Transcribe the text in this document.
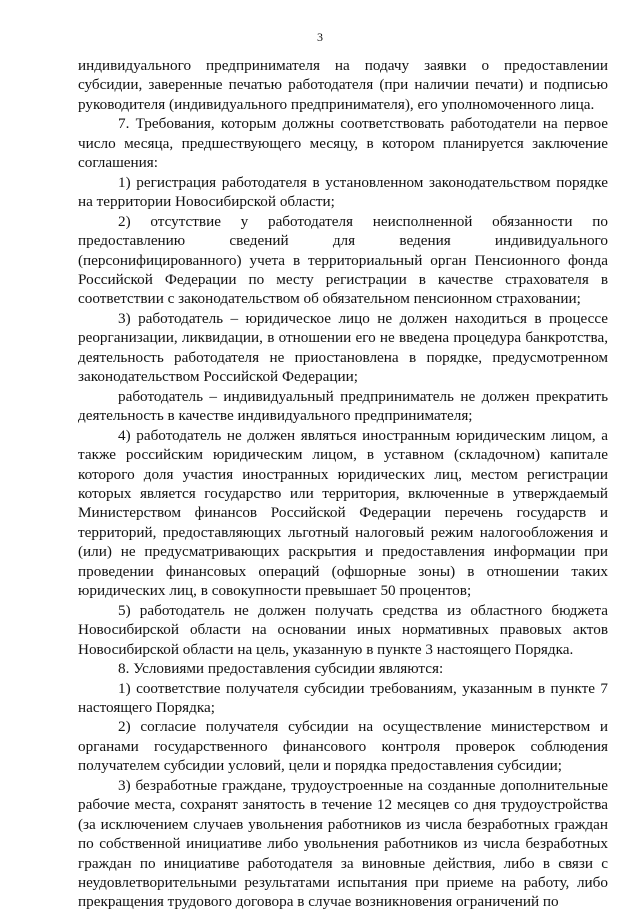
3

индивидуального предпринимателя на подачу заявки о предоставлении субсидии, заверенные печатью работодателя (при наличии печати) и подписью руководителя (индивидуального предпринимателя), его уполномоченного лица.

7. Требования, которым должны соответствовать работодатели на первое число месяца, предшествующего месяцу, в котором планируется заключение соглашения:

1) регистрация работодателя в установленном законодательством порядке на территории Новосибирской области;

2) отсутствие у работодателя неисполненной обязанности по предоставлению сведений для ведения индивидуального (персонифицированного) учета в территориальный орган Пенсионного фонда Российской Федерации по месту регистрации в качестве страхователя в соответствии с законодательством об обязательном пенсионном страховании;

3) работодатель – юридическое лицо не должен находиться в процессе реорганизации, ликвидации, в отношении его не введена процедура банкротства, деятельность работодателя не приостановлена в порядке, предусмотренном законодательством Российской Федерации;

работодатель – индивидуальный предприниматель не должен прекратить деятельность в качестве индивидуального предпринимателя;

4) работодатель не должен являться иностранным юридическим лицом, а также российским юридическим лицом, в уставном (складочном) капитале которого доля участия иностранных юридических лиц, местом регистрации которых является государство или территория, включенные в утверждаемый Министерством финансов Российской Федерации перечень государств и территорий, предоставляющих льготный налоговый режим налогообложения и (или) не предусматривающих раскрытия и предоставления информации при проведении финансовых операций (офшорные зоны) в отношении таких юридических лиц, в совокупности превышает 50 процентов;

5) работодатель не должен получать средства из областного бюджета Новосибирской области на основании иных нормативных правовых актов Новосибирской области на цель, указанную в пункте 3 настоящего Порядка.

8. Условиями предоставления субсидии являются:

1) соответствие получателя субсидии требованиям, указанным в пункте 7 настоящего Порядка;

2) согласие получателя субсидии на осуществление министерством и органами государственного финансового контроля проверок соблюдения получателем субсидии условий, цели и порядка предоставления субсидии;

3) безработные граждане, трудоустроенные на созданные дополнительные рабочие места, сохранят занятость в течение 12 месяцев со дня трудоустройства (за исключением случаев увольнения работников из числа безработных граждан по собственной инициативе либо увольнения работников из числа безработных граждан по инициативе работодателя за виновные действия, либо в связи с неудовлетворительными результатами испытания при приеме на работу, либо прекращения трудового договора в случае возникновения ограничений по
